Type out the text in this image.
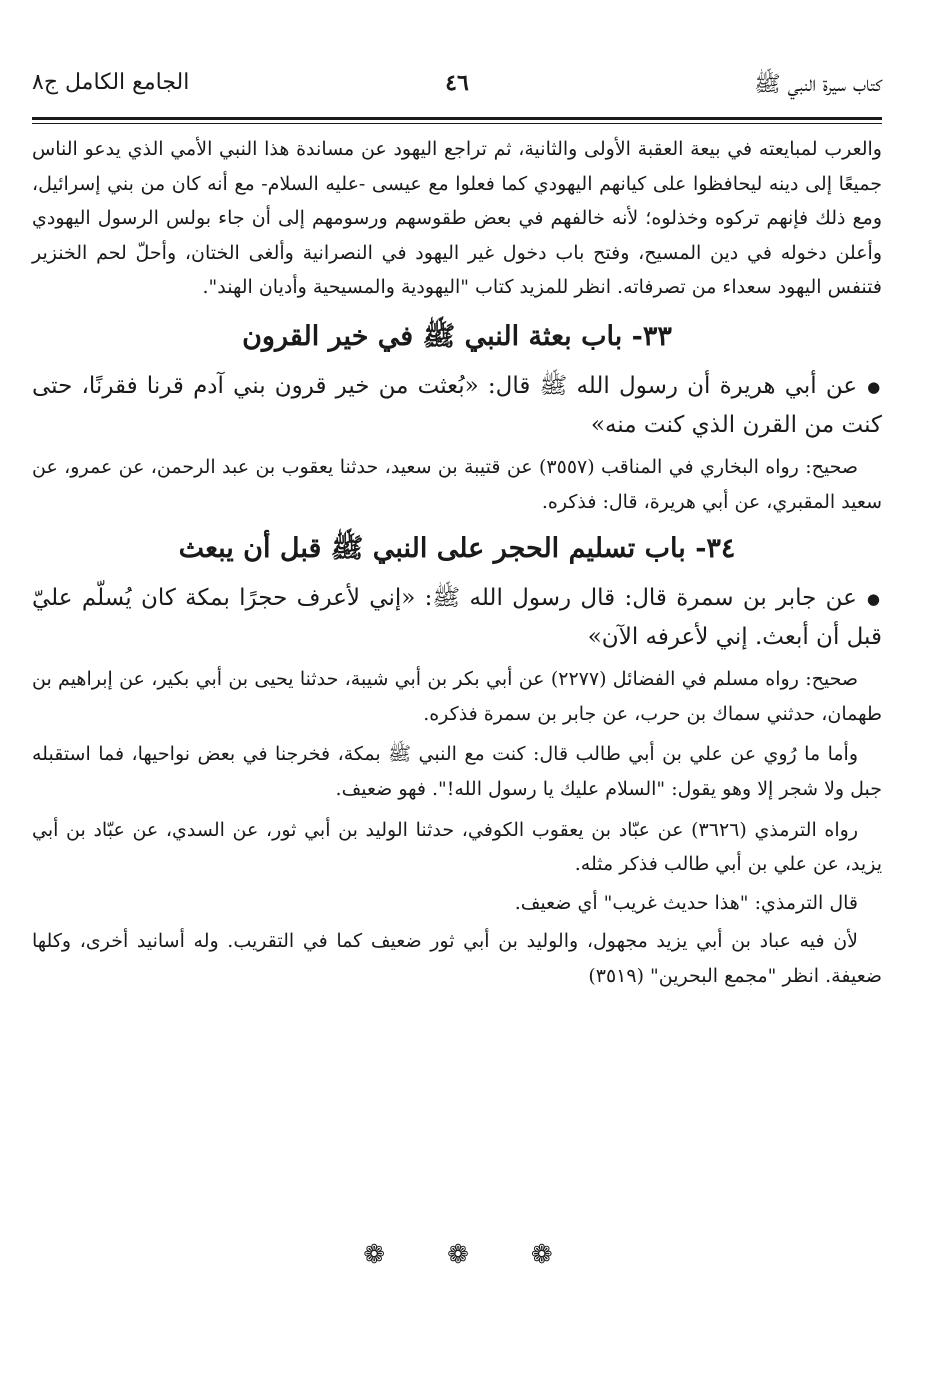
كتاب سيرة النبي ﷺ
٤٦
الجامع الكامل ج٨

والعرب لمبايعته في بيعة العقبة الأولى والثانية، ثم تراجع اليهود عن مساندة هذا النبي الأمي الذي يدعو الناس جميعًا إلى دينه ليحافظوا على كيانهم اليهودي كما فعلوا مع عيسى -عليه السلام- مع أنه كان من بني إسرائيل، ومع ذلك فإنهم تركوه وخذلوه؛ لأنه خالفهم في بعض طقوسهم ورسومهم إلى أن جاء بولس الرسول اليهودي وأعلن دخوله في دين المسيح، وفتح باب دخول غير اليهود في النصرانية وألغى الختان، وأحلّ لحم الخنزير فتنفس اليهود سعداء من تصرفاته. انظر للمزيد كتاب "اليهودية والمسيحية وأديان الهند".

٣٣- باب بعثة النبي ﷺ في خير القرون

● عن أبي هريرة أن رسول الله ﷺ قال: «بُعثت من خير قرون بني آدم قرنا فقرنًا، حتى كنت من القرن الذي كنت منه»

صحيح: رواه البخاري في المناقب (٣٥٥٧) عن قتيبة بن سعيد، حدثنا يعقوب بن عبد الرحمن، عن عمرو، عن سعيد المقبري، عن أبي هريرة، قال: فذكره.

٣٤- باب تسليم الحجر على النبي ﷺ قبل أن يبعث

● عن جابر بن سمرة قال: قال رسول الله ﷺ: «إني لأعرف حجرًا بمكة كان يُسلّم عليّ قبل أن أبعث. إني لأعرفه الآن»

صحيح: رواه مسلم في الفضائل (٢٢٧٧) عن أبي بكر بن أبي شيبة، حدثنا يحيى بن أبي بكير، عن إبراهيم بن طهمان، حدثني سماك بن حرب، عن جابر بن سمرة فذكره.

وأما ما رُوي عن علي بن أبي طالب قال: كنت مع النبي ﷺ بمكة، فخرجنا في بعض نواحيها، فما استقبله جبل ولا شجر إلا وهو يقول: "السلام عليك يا رسول الله!". فهو ضعيف.

رواه الترمذي (٣٦٢٦) عن عبّاد بن يعقوب الكوفي، حدثنا الوليد بن أبي ثور، عن السدي، عن عبّاد بن أبي يزيد، عن علي بن أبي طالب فذكر مثله.

قال الترمذي: "هذا حديث غريب" أي ضعيف.

لأن فيه عباد بن أبي يزيد مجهول، والوليد بن أبي ثور ضعيف كما في التقريب. وله أسانيد أخرى، وكلها ضعيفة. انظر "مجمع البحرين" (٣٥١٩)

❁ ❁ ❁
